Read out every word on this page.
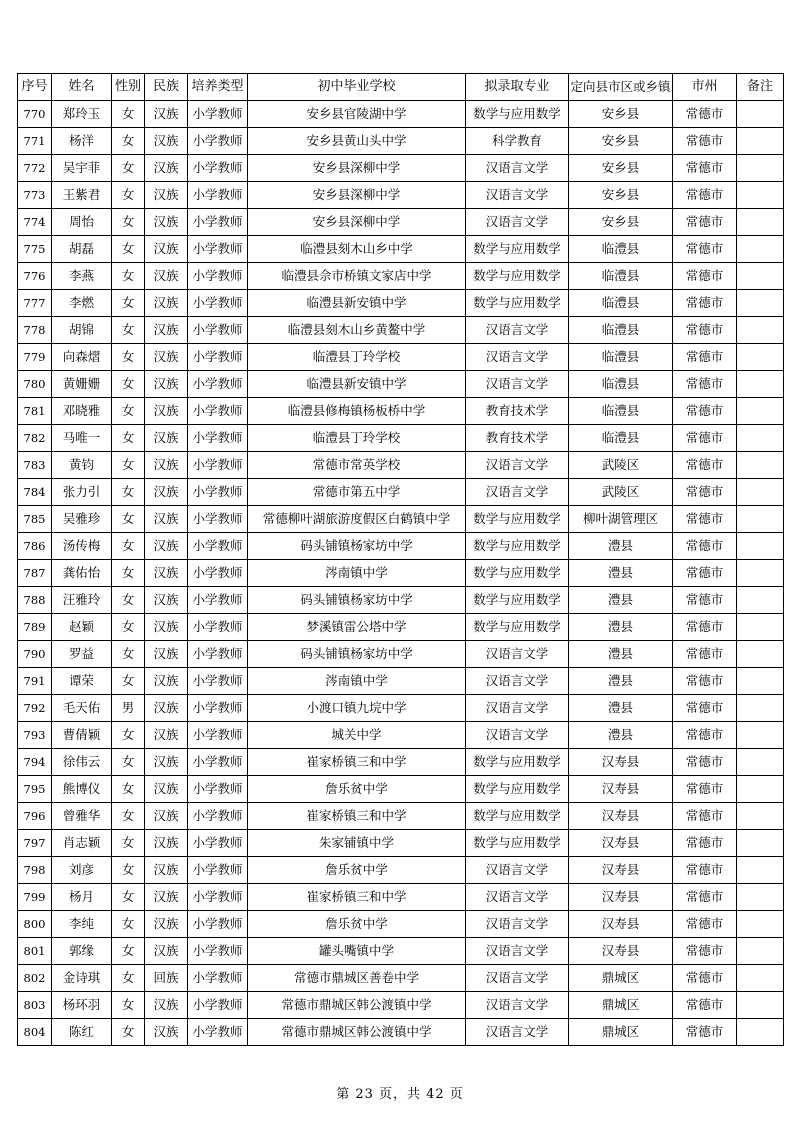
序号	姓名	性别	民族	培养类型	初中毕业学校	拟录取专业	定向县市区或乡镇	市州	备注
770	郑玲玉	女	汉族	小学教师	安乡县官陵湖中学	数学与应用数学	安乡县	常德市	
771	杨洋	女	汉族	小学教师	安乡县黄山头中学	科学教育	安乡县	常德市	
772	吴宇菲	女	汉族	小学教师	安乡县深柳中学	汉语言文学	安乡县	常德市	
773	王紫君	女	汉族	小学教师	安乡县深柳中学	汉语言文学	安乡县	常德市	
774	周怡	女	汉族	小学教师	安乡县深柳中学	汉语言文学	安乡县	常德市	
775	胡磊	女	汉族	小学教师	临澧县刻木山乡中学	数学与应用数学	临澧县	常德市	
776	李燕	女	汉族	小学教师	临澧县佘市桥镇文家店中学	数学与应用数学	临澧县	常德市	
777	李燃	女	汉族	小学教师	临澧县新安镇中学	数学与应用数学	临澧县	常德市	
778	胡锦	女	汉族	小学教师	临澧县刻木山乡黄鳌中学	汉语言文学	临澧县	常德市	
779	向森熠	女	汉族	小学教师	临澧县丁玲学校	汉语言文学	临澧县	常德市	
780	黄姗姗	女	汉族	小学教师	临澧县新安镇中学	汉语言文学	临澧县	常德市	
781	邓晓雅	女	汉族	小学教师	临澧县修梅镇杨板桥中学	教育技术学	临澧县	常德市	
782	马唯一	女	汉族	小学教师	临澧县丁玲学校	教育技术学	临澧县	常德市	
783	黄钧	女	汉族	小学教师	常德市常英学校	汉语言文学	武陵区	常德市	
784	张力引	女	汉族	小学教师	常德市第五中学	汉语言文学	武陵区	常德市	
785	吴雅珍	女	汉族	小学教师	常德柳叶湖旅游度假区白鹤镇中学	数学与应用数学	柳叶湖管理区	常德市	
786	汤传梅	女	汉族	小学教师	码头铺镇杨家坊中学	数学与应用数学	澧县	常德市	
787	龚佑怡	女	汉族	小学教师	涔南镇中学	数学与应用数学	澧县	常德市	
788	汪雅玲	女	汉族	小学教师	码头铺镇杨家坊中学	数学与应用数学	澧县	常德市	
789	赵颖	女	汉族	小学教师	梦溪镇雷公塔中学	数学与应用数学	澧县	常德市	
790	罗益	女	汉族	小学教师	码头铺镇杨家坊中学	汉语言文学	澧县	常德市	
791	谭荣	女	汉族	小学教师	涔南镇中学	汉语言文学	澧县	常德市	
792	毛天佑	男	汉族	小学教师	小渡口镇九垸中学	汉语言文学	澧县	常德市	
793	曹倩颖	女	汉族	小学教师	城关中学	汉语言文学	澧县	常德市	
794	徐伟云	女	汉族	小学教师	崔家桥镇三和中学	数学与应用数学	汉寿县	常德市	
795	熊博仪	女	汉族	小学教师	詹乐贫中学	数学与应用数学	汉寿县	常德市	
796	曾雅华	女	汉族	小学教师	崔家桥镇三和中学	数学与应用数学	汉寿县	常德市	
797	肖志颖	女	汉族	小学教师	朱家铺镇中学	数学与应用数学	汉寿县	常德市	
798	刘彦	女	汉族	小学教师	詹乐贫中学	汉语言文学	汉寿县	常德市	
799	杨月	女	汉族	小学教师	崔家桥镇三和中学	汉语言文学	汉寿县	常德市	
800	李纯	女	汉族	小学教师	詹乐贫中学	汉语言文学	汉寿县	常德市	
801	郭缘	女	汉族	小学教师	罐头嘴镇中学	汉语言文学	汉寿县	常德市	
802	金诗琪	女	回族	小学教师	常德市鼎城区善卷中学	汉语言文学	鼎城区	常德市	
803	杨环羽	女	汉族	小学教师	常德市鼎城区韩公渡镇中学	汉语言文学	鼎城区	常德市	
804	陈红	女	汉族	小学教师	常德市鼎城区韩公渡镇中学	汉语言文学	鼎城区	常德市	
第 23 页，共 42 页
